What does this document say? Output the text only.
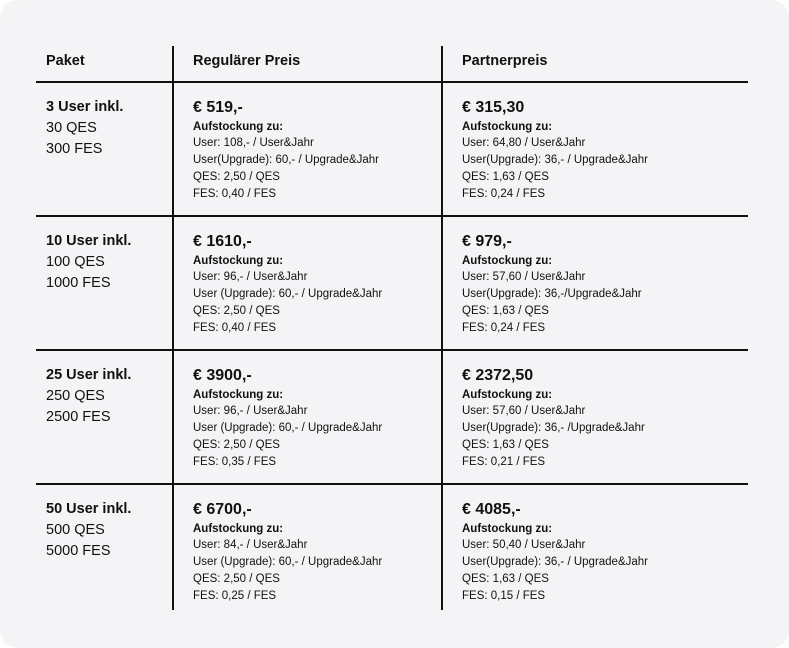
Paket	Regulärer Preis	Partnerpreis
3 User inkl.
30 QES
300 FES
€ 519,-
Aufstockung zu:
User: 108,- / User&Jahr
User(Upgrade): 60,- / Upgrade&Jahr
QES: 2,50 / QES
FES: 0,40 / FES
€ 315,30
Aufstockung zu:
User: 64,80 / User&Jahr
User(Upgrade): 36,- / Upgrade&Jahr
QES: 1,63 / QES
FES: 0,24 / FES
10 User inkl.
100 QES
1000 FES
€ 1610,-
Aufstockung zu:
User: 96,- / User&Jahr
User (Upgrade): 60,- / Upgrade&Jahr
QES: 2,50 / QES
FES: 0,40 / FES
€ 979,-
Aufstockung zu:
User: 57,60 / User&Jahr
User(Upgrade): 36,-/Upgrade&Jahr
QES: 1,63 / QES
FES: 0,24 / FES
25 User inkl.
250 QES
2500 FES
€ 3900,-
Aufstockung zu:
User: 96,- / User&Jahr
User (Upgrade): 60,- / Upgrade&Jahr
QES: 2,50 / QES
FES: 0,35 / FES
€ 2372,50
Aufstockung zu:
User: 57,60 / User&Jahr
User(Upgrade): 36,- /Upgrade&Jahr
QES: 1,63 / QES
FES: 0,21 / FES
50 User inkl.
500 QES
5000 FES
€ 6700,-
Aufstockung zu:
User: 84,- / User&Jahr
User (Upgrade): 60,- / Upgrade&Jahr
QES: 2,50 / QES
FES: 0,25 / FES
€ 4085,-
Aufstockung zu:
User: 50,40 / User&Jahr
User(Upgrade): 36,- / Upgrade&Jahr
QES: 1,63 / QES
FES: 0,15 / FES
